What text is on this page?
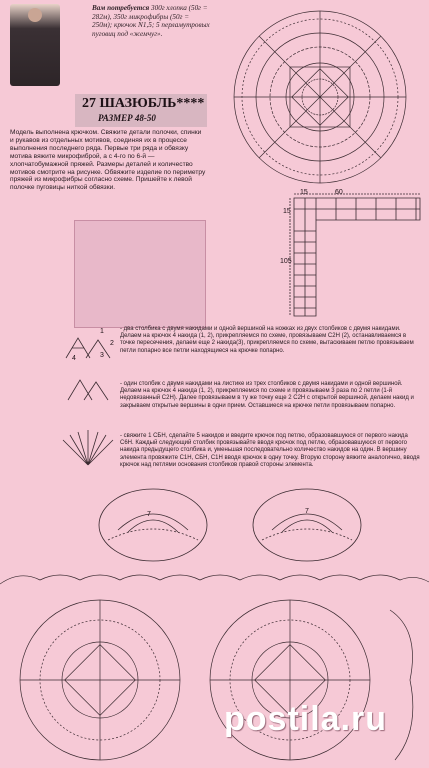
Вам потребуется 300г хлопка (50г = 282м), 350г микрофибры (50г = 250м); крючок N1,5; 5 перламутровых пуговиц под «жемчуг».
27 ШАЗЮБЛЬ****
РАЗМЕР 48-50
Модель выполнена крючком. Свяжите детали полочки, спинки и рукавов из отдельных мотивов, соединяя их в процессе выполнения последнего ряда. Первые три ряда и обвязку мотива вяжите микрофиброй, а с 4-го по 6-й — хлопчатобумажной пряжей. Размеры деталей и количество мотивов смотрите на рисунке. Обвяжите изделие по периметру пряжей из микрофибры согласно схеме. Пришейте к левой полочке пуговицы ниткой обвязки.
15	60
15
105
1
2
3
4
- два столбика с двумя накидами и одной вершиной на ножках из двух столбиков с двумя накидами. Делаем на крючок 4 накида (1, 2), прикрепляемся по схеме, провязываем С2Н (2), останавливаемся в точке пересечения, делаем еще 2 накида(3), прикрепляемся по схеме, вытаскиваем петлю провязываем петли попарно все петли находящиеся на крючке попарно.
- один столбик с двумя накидами на листике из трех столбиков с двумя накидами и одной вершиной. Делаем на крючок 4 накида (1, 2), прикрепляемся по схеме и провязываем 3 раза по 2 петли (1-й недовязанный С2Н). Далее провязываем в ту же точку еще 2 С2Н с открытой вершиной, делаем накид и закрываем открытые вершины в одни прием. Оставшиеся на крючке петли провязываем попарно.
- свяжите 1 СБН, сделайте 5 накидов и введите крючок под петлю, образовавшуюся от первого накида С6Н. Каждый следующий столбик провязывайте вводя крючок под петлю, образовавшуюся от первого накида предыдущего столбика и, уменьшая последовательно количество накидов на один. В вершину элемента провяжите С1Н, СБН, С1Н вводя крючок в одну точку. Вторую сторону вяжите аналогично, вводя крючок над петлями основания столбиков правой стороны элемента.
7	7
postila.ru
